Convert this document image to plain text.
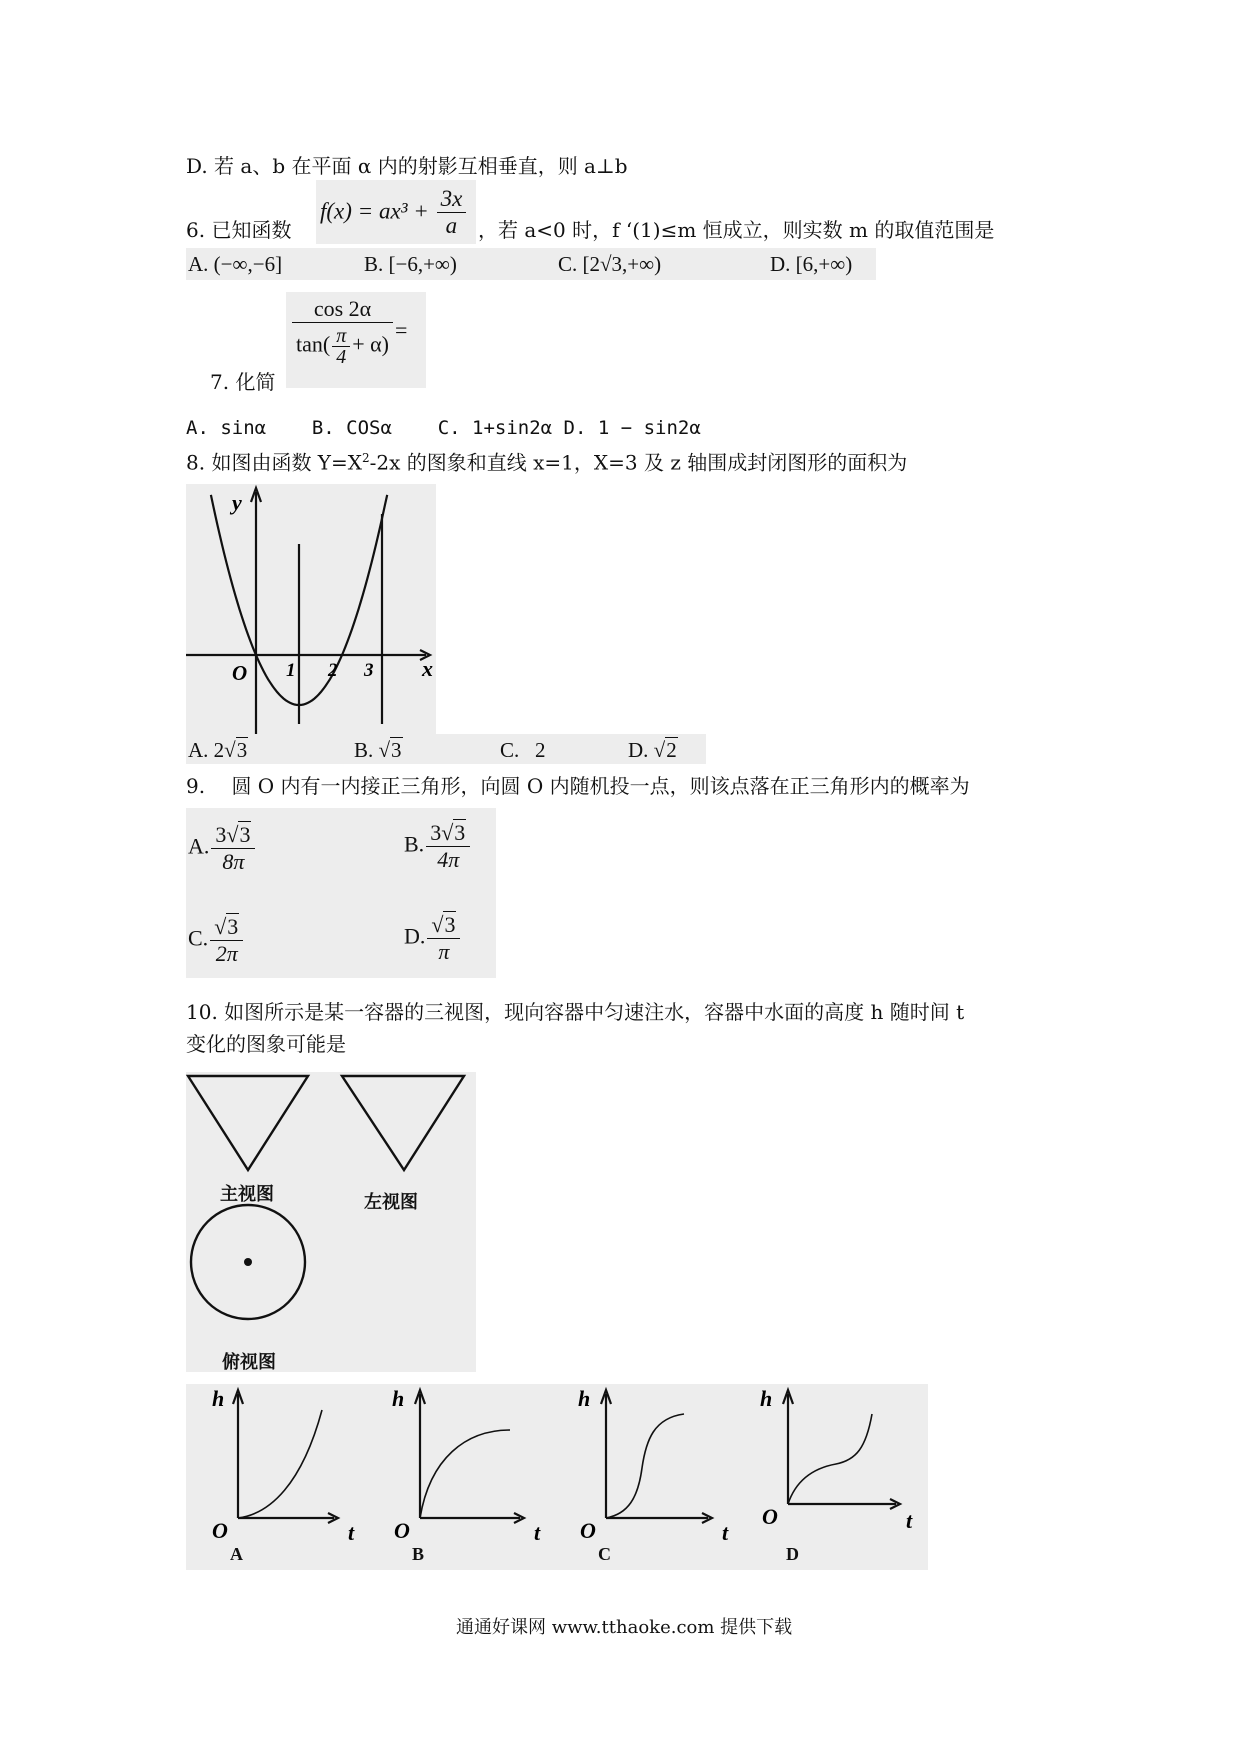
D. 若 a、b 在平面 α 内的射影互相垂直，则 a⊥b
6. 已知函数
$f(x) = ax^3 + \frac{3x}{a}$ ，若 a<0 时，f ‘(1)≤m 恒成立，则实数 m 的取值范围是
A. (−∞,−6]	B. [−6,+∞)	C. [2√3,+∞)	D. [6,+∞)
$\frac{\cos 2\alpha}{\tan( \frac{\pi}{4} + \alpha)}$ =
7. 化简
A. sinα B. COSα C. 1+sin2α D. 1 − sin2α
8. 如图由函数 $Y=X^2-2x$ 的图象和直线 x=1，X=3 及 z 轴围成封闭图形的面积为
y
x
O 1 2 3
A. 2√3	B. √3	C. 2	D. √2
9.　 圆 O 内有一内接正三角形，向圆 O 内随机投一点，则该点落在正三角形内的概率为
A. $\frac{3√3}{8\pi}$	B. $\frac{3√3}{4\pi}$
C. $\frac{√3}{2\pi}$	D. $\frac{√3}{\pi}$
10. 如图所示是某一容器的三视图，现向容器中匀速注水，容器中水面的高度 h 随时间 t
变化的图象可能是
主视图	左视图
俯视图
h
O	t
A
h
O	t
B
h
O	t
C
h
O	t
D
通通好课网 www.tthaoke.com 提供下载
